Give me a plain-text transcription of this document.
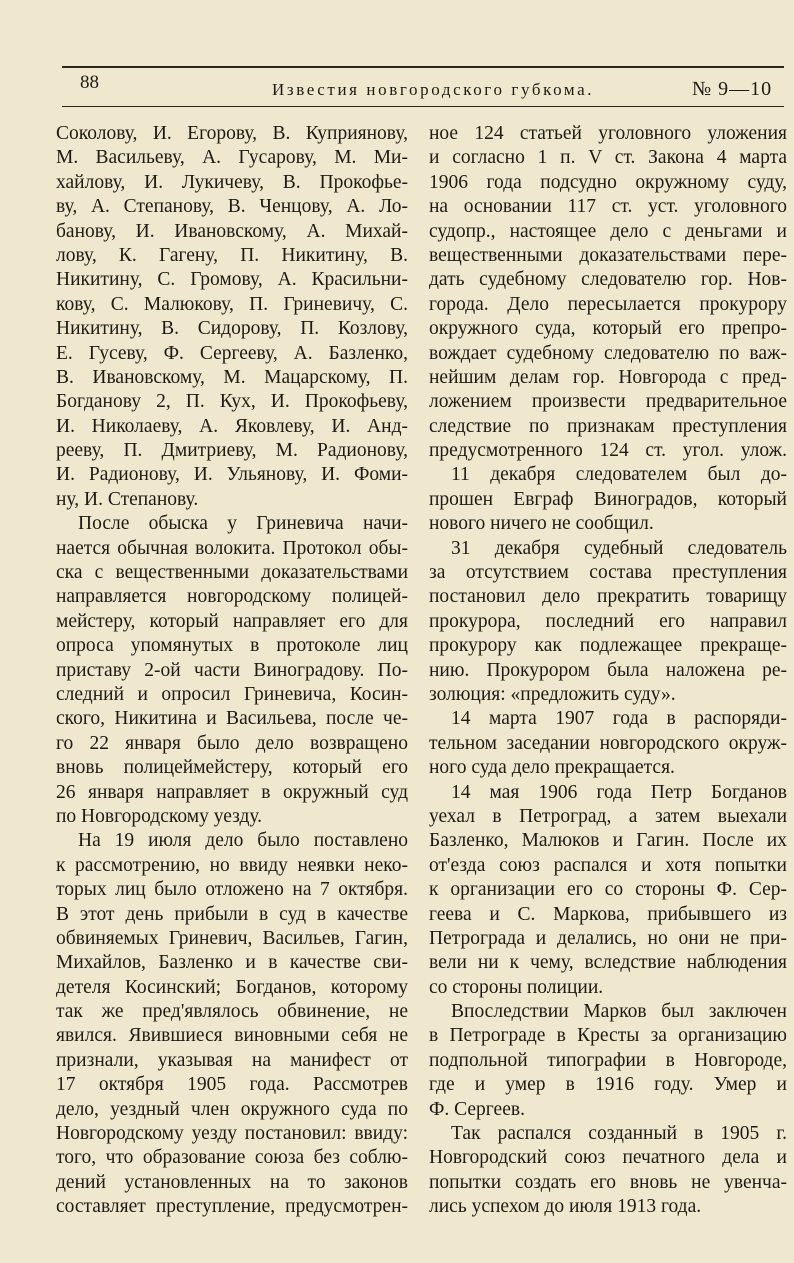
88	Известия новгородского губкома.	№ 9—10
Соколову, И. Егорову, В. Куприянову,
М. Васильеву, А. Гусарову, М. Ми-
хайлову, И. Лукичеву, В. Прокофье-
ву, А. Степанову, В. Ченцову, А. Ло-
банову, И. Ивановскому, А. Михай-
лову, К. Гагену, П. Никитину, В.
Никитину, С. Громову, А. Красильни-
кову, С. Малюкову, П. Гриневичу, С.
Никитину, В. Сидорову, П. Козлову,
Е. Гусеву, Ф. Сергееву, А. Базленко,
В. Ивановскому, М. Мацарскому, П.
Богданову 2, П. Кух, И. Прокофьеву,
И. Николаеву, А. Яковлеву, И. Анд-
рееву, П. Дмитриеву, М. Радионову,
И. Радионову, И. Ульянову, И. Фоми-
ну, И. Степанову.
После обыска у Гриневича начи-
нается обычная волокита. Протокол обы-
ска с вещественными доказательствами
направляется новгородскому полицей-
мейстеру, который направляет его для
опроса упомянутых в протоколе лиц
приставу 2-ой части Виноградову. По-
следний и опросил Гриневича, Косин-
ского, Никитина и Васильева, после че-
го 22 января было дело возвращено
вновь полицеймейстеру, который его
26 января направляет в окружный суд
по Новгородскому уезду.
На 19 июля дело было поставлено
к рассмотрению, но ввиду неявки неко-
торых лиц было отложено на 7 октября.
В этот день прибыли в суд в качестве
обвиняемых Гриневич, Васильев, Гагин,
Михайлов, Базленко и в качестве сви-
детеля Косинский; Богданов, которому
так же пред'являлось обвинение, не
явился. Явившиеся виновными себя не
признали, указывая на манифест от
17 октября 1905 года. Рассмотрев
дело, уездный член окружного суда по
Новгородскому уезду постановил: ввиду:
того, что образование союза без соблю-
дений установленных на то законов
составляет преступление, предусмотрен-
ное 124 статьей уголовного уложения
и согласно 1 п. V ст. Закона 4 марта
1906 года подсудно окружному суду,
на основании 117 ст. уст. уголовного
судопр., настоящее дело с деньгами и
вещественными доказательствами пере-
дать судебному следователю гор. Нов-
города. Дело пересылается прокурору
окружного суда, который его препро-
вождает судебному следователю по важ-
нейшим делам гор. Новгорода с пред-
ложением произвести предварительное
следствие по признакам преступления
предусмотренного 124 ст. угол. улож.
11 декабря следователем был до-
прошен Евграф Виноградов, который
нового ничего не сообщил.
31 декабря судебный следователь
за отсутствием состава преступления
постановил дело прекратить товарищу
прокурора, последний его направил
прокурору как подлежащее прекраще-
нию. Прокурором была наложена ре-
золюция: «предложить суду».
14 марта 1907 года в распоряди-
тельном заседании новгородского окруж-
ного суда дело прекращается.
14 мая 1906 года Петр Богданов
уехал в Петроград, а затем выехали
Базленко, Малюков и Гагин. После их
от'езда союз распался и хотя попытки
к организации его со стороны Ф. Сер-
геева и С. Маркова, прибывшего из
Петрограда и делались, но они не при-
вели ни к чему, вследствие наблюдения
со стороны полиции.
Впоследствии Марков был заключен
в Петрограде в Кресты за организацию
подпольной типографии в Новгороде,
где и умер в 1916 году. Умер и
Ф. Сергеев.
Так распался созданный в 1905 г.
Новгородский союз печатного дела и
попытки создать его вновь не увенча-
лись успехом до июля 1913 года.
